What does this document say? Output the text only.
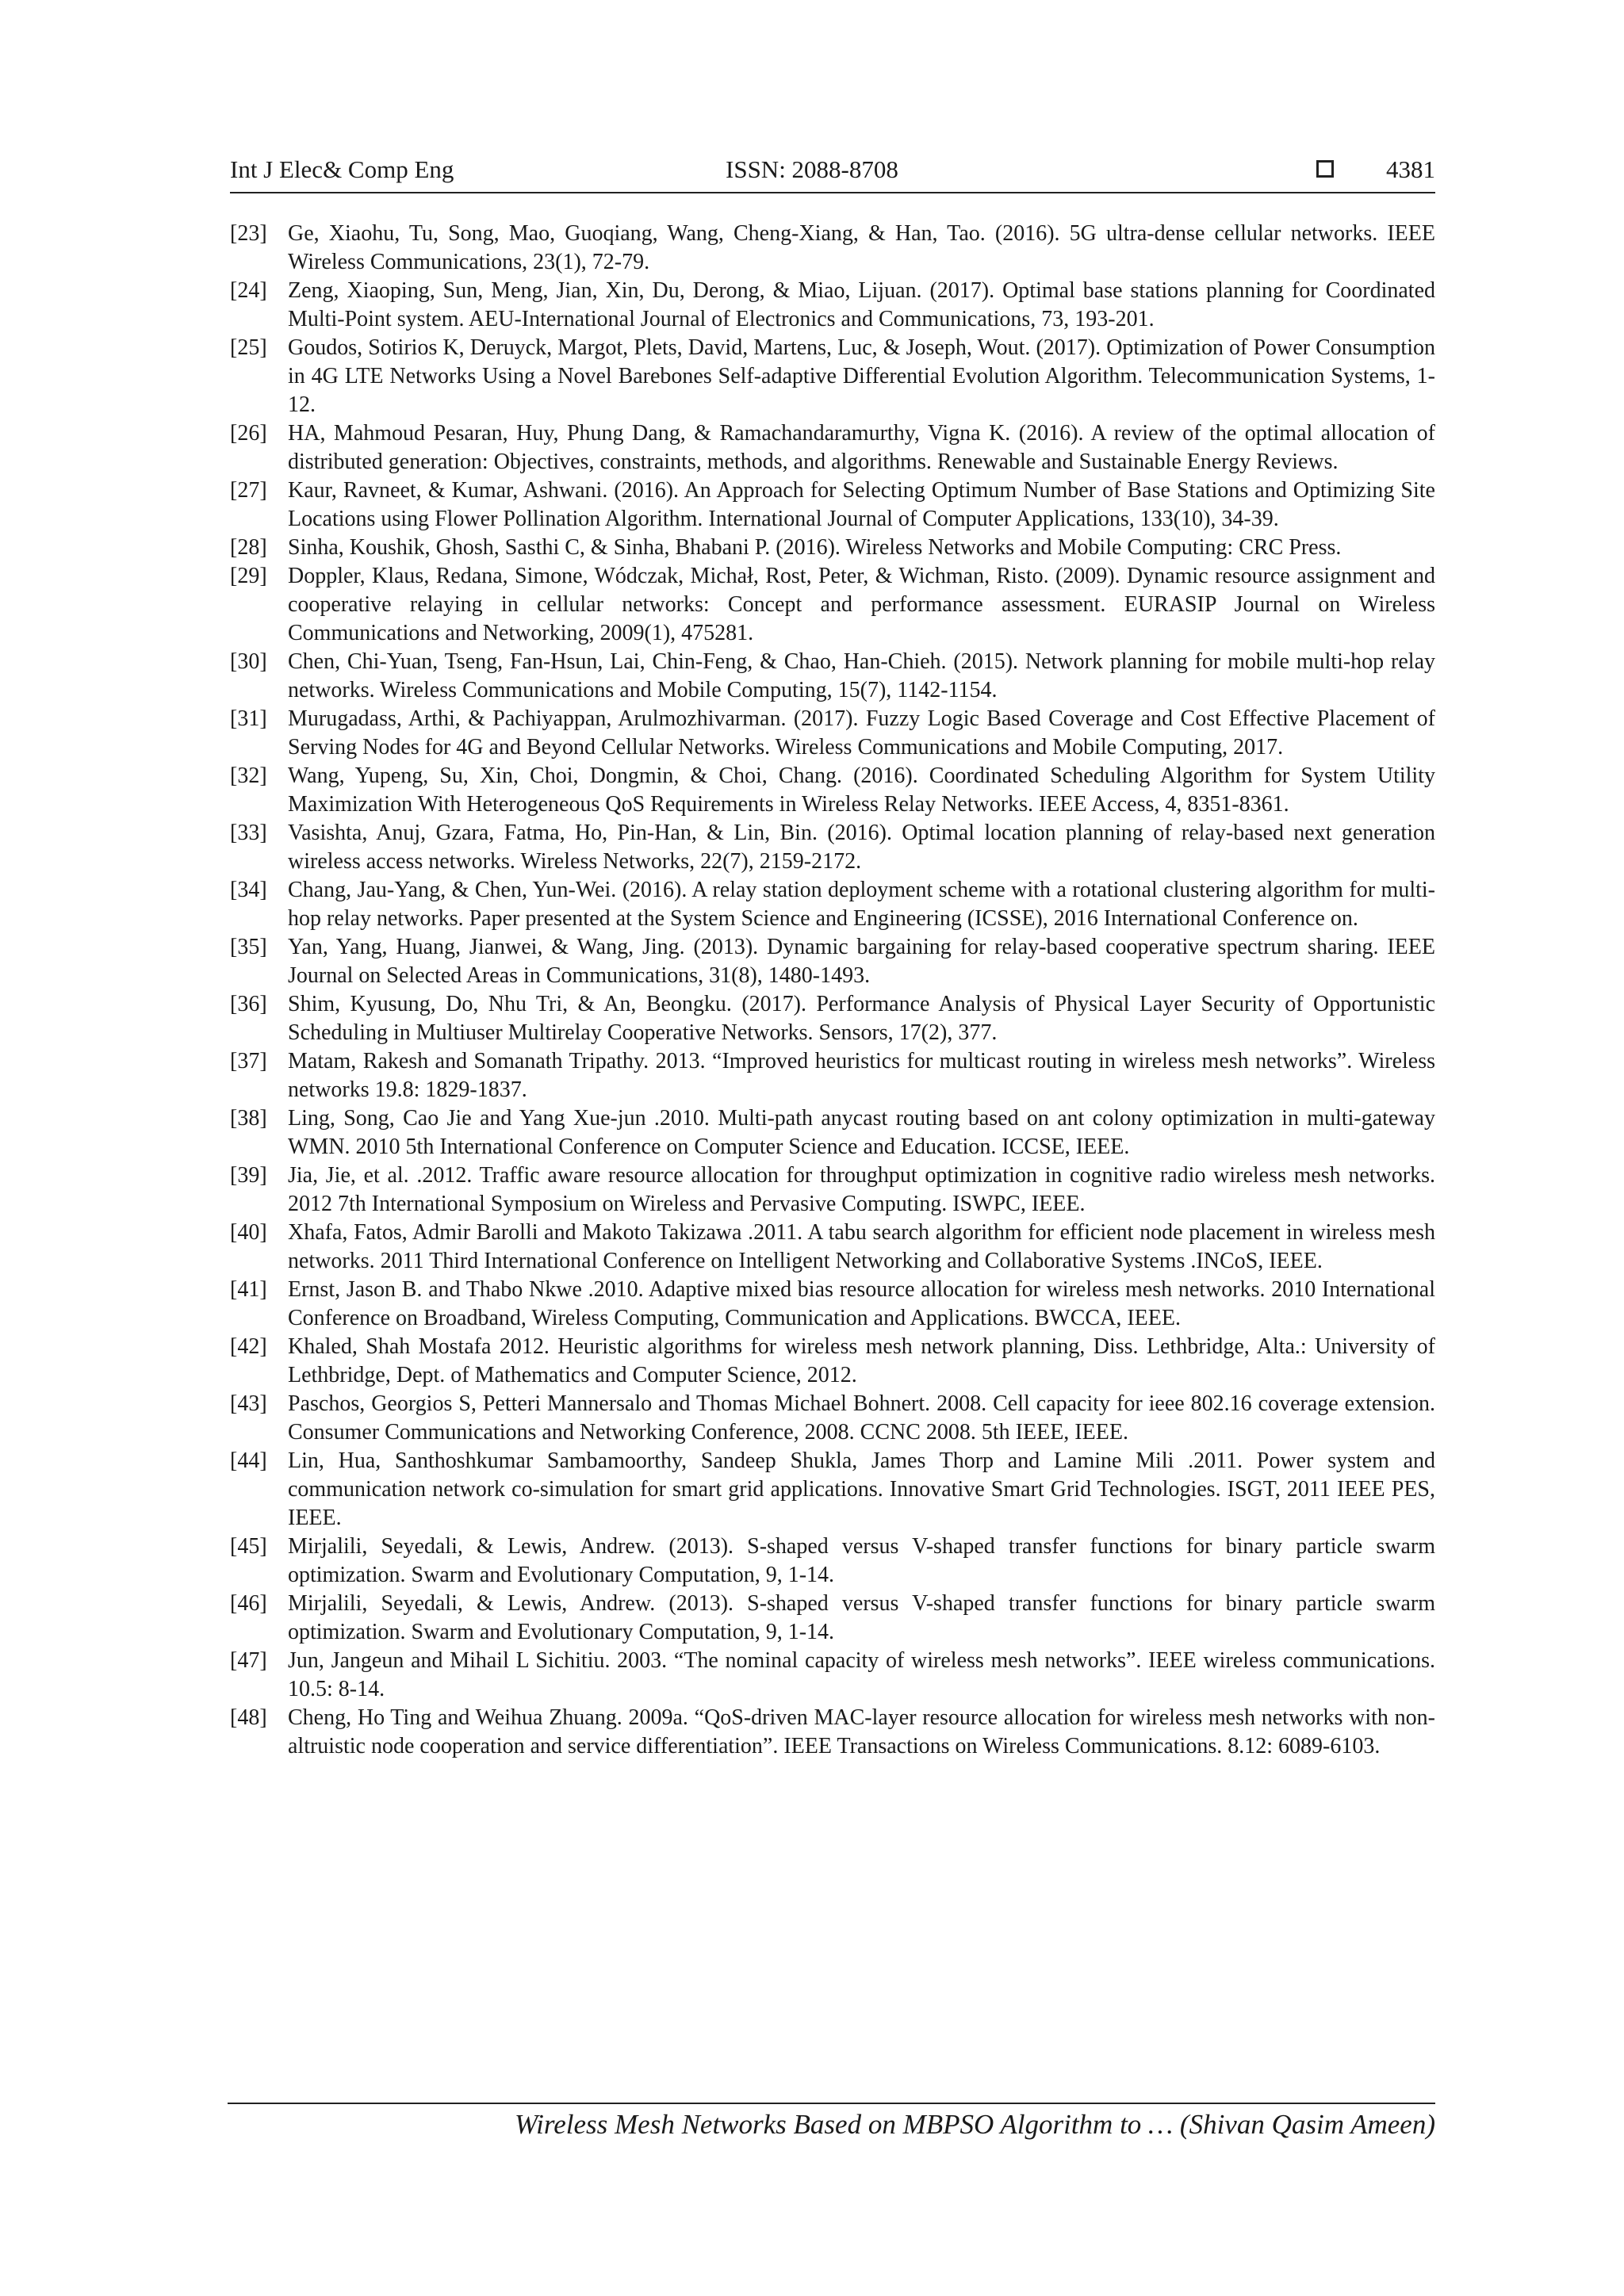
Int J Elec& Comp Eng	ISSN: 2088-8708	4381
[23] Ge, Xiaohu, Tu, Song, Mao, Guoqiang, Wang, Cheng-Xiang, & Han, Tao. (2016). 5G ultra-dense cellular networks. IEEE Wireless Communications, 23(1), 72-79.
[24] Zeng, Xiaoping, Sun, Meng, Jian, Xin, Du, Derong, & Miao, Lijuan. (2017). Optimal base stations planning for Coordinated Multi-Point system. AEU-International Journal of Electronics and Communications, 73, 193-201.
[25] Goudos, Sotirios K, Deruyck, Margot, Plets, David, Martens, Luc, & Joseph, Wout. (2017). Optimization of Power Consumption in 4G LTE Networks Using a Novel Barebones Self-adaptive Differential Evolution Algorithm. Telecommunication Systems, 1-12.
[26] HA, Mahmoud Pesaran, Huy, Phung Dang, & Ramachandaramurthy, Vigna K. (2016). A review of the optimal allocation of distributed generation: Objectives, constraints, methods, and algorithms. Renewable and Sustainable Energy Reviews.
[27] Kaur, Ravneet, & Kumar, Ashwani. (2016). An Approach for Selecting Optimum Number of Base Stations and Optimizing Site Locations using Flower Pollination Algorithm. International Journal of Computer Applications, 133(10), 34-39.
[28] Sinha, Koushik, Ghosh, Sasthi C, & Sinha, Bhabani P. (2016). Wireless Networks and Mobile Computing: CRC Press.
[29] Doppler, Klaus, Redana, Simone, Wódczak, Michał, Rost, Peter, & Wichman, Risto. (2009). Dynamic resource assignment and cooperative relaying in cellular networks: Concept and performance assessment. EURASIP Journal on Wireless Communications and Networking, 2009(1), 475281.
[30] Chen, Chi-Yuan, Tseng, Fan-Hsun, Lai, Chin-Feng, & Chao, Han-Chieh. (2015). Network planning for mobile multi-hop relay networks. Wireless Communications and Mobile Computing, 15(7), 1142-1154.
[31] Murugadass, Arthi, & Pachiyappan, Arulmozhivarman. (2017). Fuzzy Logic Based Coverage and Cost Effective Placement of Serving Nodes for 4G and Beyond Cellular Networks. Wireless Communications and Mobile Computing, 2017.
[32] Wang, Yupeng, Su, Xin, Choi, Dongmin, & Choi, Chang. (2016). Coordinated Scheduling Algorithm for System Utility Maximization With Heterogeneous QoS Requirements in Wireless Relay Networks. IEEE Access, 4, 8351-8361.
[33] Vasishta, Anuj, Gzara, Fatma, Ho, Pin-Han, & Lin, Bin. (2016). Optimal location planning of relay-based next generation wireless access networks. Wireless Networks, 22(7), 2159-2172.
[34] Chang, Jau-Yang, & Chen, Yun-Wei. (2016). A relay station deployment scheme with a rotational clustering algorithm for multi-hop relay networks. Paper presented at the System Science and Engineering (ICSSE), 2016 International Conference on.
[35] Yan, Yang, Huang, Jianwei, & Wang, Jing. (2013). Dynamic bargaining for relay-based cooperative spectrum sharing. IEEE Journal on Selected Areas in Communications, 31(8), 1480-1493.
[36] Shim, Kyusung, Do, Nhu Tri, & An, Beongku. (2017). Performance Analysis of Physical Layer Security of Opportunistic Scheduling in Multiuser Multirelay Cooperative Networks. Sensors, 17(2), 377.
[37] Matam, Rakesh and Somanath Tripathy. 2013. “Improved heuristics for multicast routing in wireless mesh networks”. Wireless networks 19.8: 1829-1837.
[38] Ling, Song, Cao Jie and Yang Xue-jun .2010. Multi-path anycast routing based on ant colony optimization in multi-gateway WMN. 2010 5th International Conference on Computer Science and Education. ICCSE, IEEE.
[39] Jia, Jie, et al. .2012. Traffic aware resource allocation for throughput optimization in cognitive radio wireless mesh networks. 2012 7th International Symposium on Wireless and Pervasive Computing. ISWPC, IEEE.
[40] Xhafa, Fatos, Admir Barolli and Makoto Takizawa .2011. A tabu search algorithm for efficient node placement in wireless mesh networks. 2011 Third International Conference on Intelligent Networking and Collaborative Systems .INCoS, IEEE.
[41] Ernst, Jason B. and Thabo Nkwe .2010. Adaptive mixed bias resource allocation for wireless mesh networks. 2010 International Conference on Broadband, Wireless Computing, Communication and Applications. BWCCA, IEEE.
[42] Khaled, Shah Mostafa 2012. Heuristic algorithms for wireless mesh network planning, Diss. Lethbridge, Alta.: University of Lethbridge, Dept. of Mathematics and Computer Science, 2012.
[43] Paschos, Georgios S, Petteri Mannersalo and Thomas Michael Bohnert. 2008. Cell capacity for ieee 802.16 coverage extension. Consumer Communications and Networking Conference, 2008. CCNC 2008. 5th IEEE, IEEE.
[44] Lin, Hua, Santhoshkumar Sambamoorthy, Sandeep Shukla, James Thorp and Lamine Mili .2011. Power system and communication network co-simulation for smart grid applications. Innovative Smart Grid Technologies. ISGT, 2011 IEEE PES, IEEE.
[45] Mirjalili, Seyedali, & Lewis, Andrew. (2013). S-shaped versus V-shaped transfer functions for binary particle swarm optimization. Swarm and Evolutionary Computation, 9, 1-14.
[46] Mirjalili, Seyedali, & Lewis, Andrew. (2013). S-shaped versus V-shaped transfer functions for binary particle swarm optimization. Swarm and Evolutionary Computation, 9, 1-14.
[47] Jun, Jangeun and Mihail L Sichitiu. 2003. “The nominal capacity of wireless mesh networks”. IEEE wireless communications. 10.5: 8-14.
[48] Cheng, Ho Ting and Weihua Zhuang. 2009a. “QoS-driven MAC-layer resource allocation for wireless mesh networks with non-altruistic node cooperation and service differentiation”. IEEE Transactions on Wireless Communications. 8.12: 6089-6103.
Wireless Mesh Networks Based on MBPSO Algorithm to … (Shivan Qasim Ameen)
